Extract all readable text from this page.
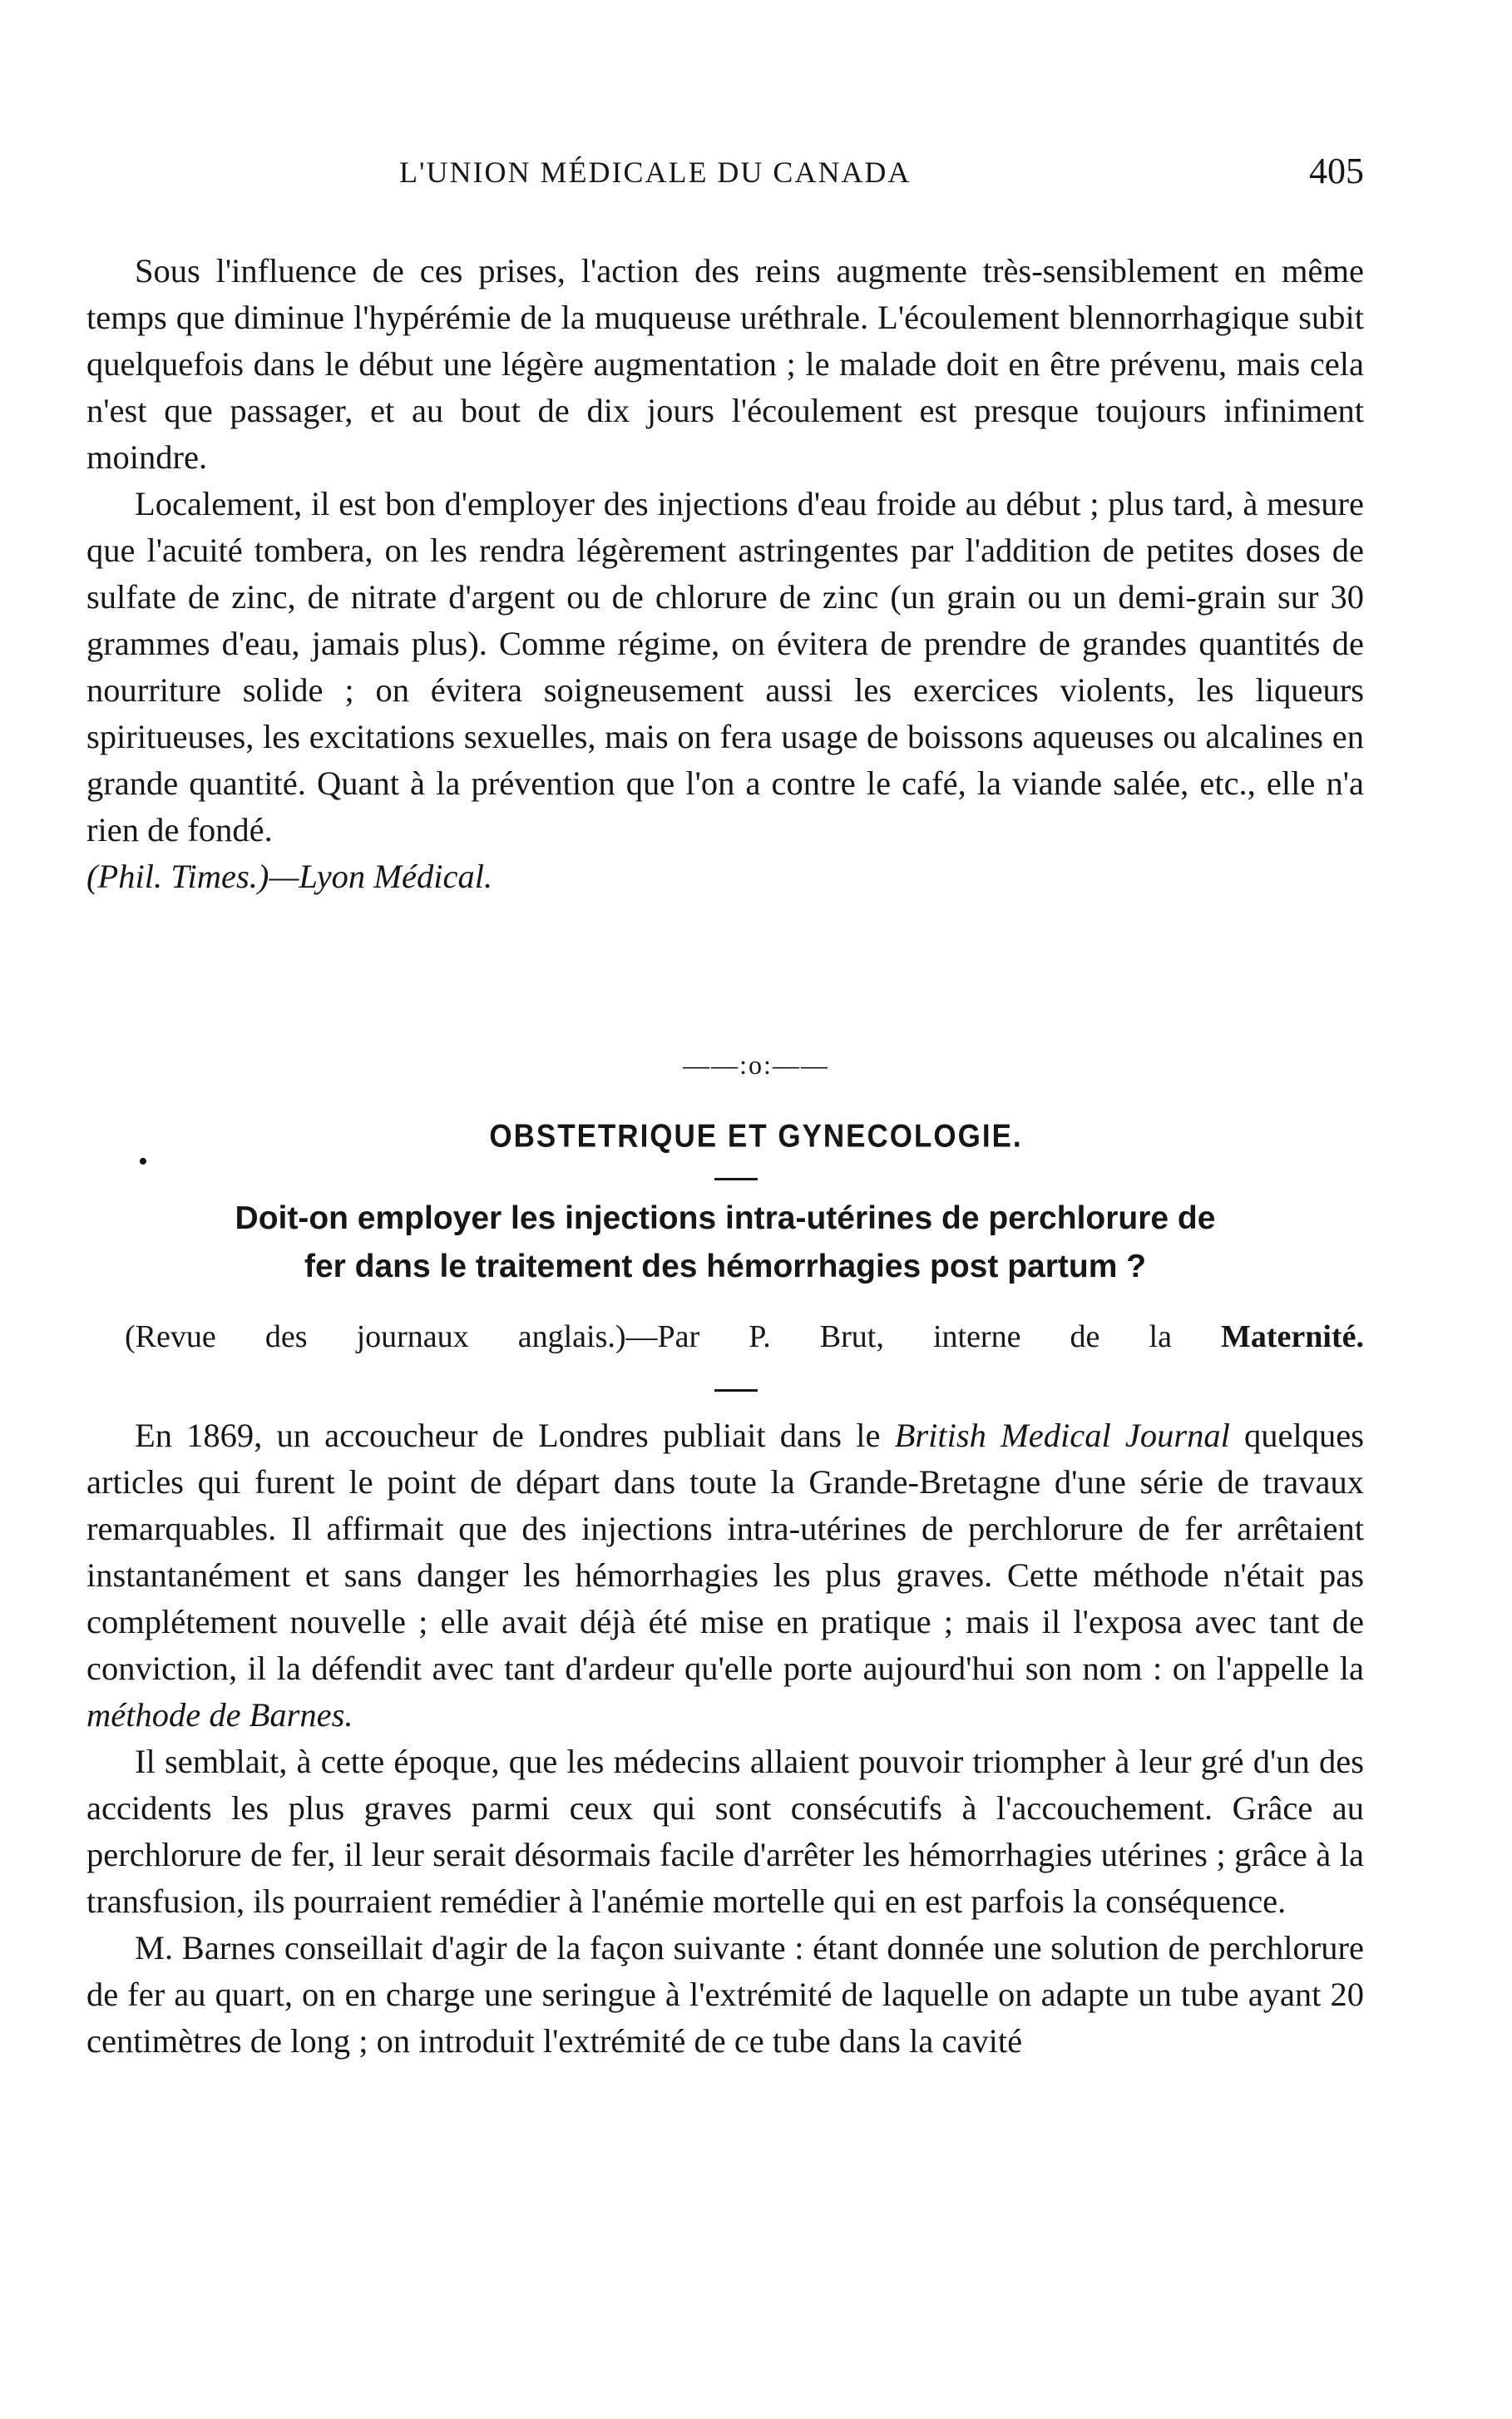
L'UNION MÉDICALE DU CANADA	405

Sous l'influence de ces prises, l'action des reins augmente très-sensiblement en même temps que diminue l'hypérémie de la muqueuse uréthrale. L'écoulement blennorrhagique subit quelquefois dans le début une légère augmentation ; le malade doit en être prévenu, mais cela n'est que passager, et au bout de dix jours l'écoulement est presque toujours infiniment moindre.

Localement, il est bon d'employer des injections d'eau froide au début ; plus tard, à mesure que l'acuité tombera, on les rendra légèrement astringentes par l'addition de petites doses de sulfate de zinc, de nitrate d'argent ou de chlorure de zinc (un grain ou un demi-grain sur 30 grammes d'eau, jamais plus). Comme régime, on évitera de prendre de grandes quantités de nourriture solide ; on évitera soigneusement aussi les exercices violents, les liqueurs spiritueuses, les excitations sexuelles, mais on fera usage de boissons aqueuses ou alcalines en grande quantité. Quant à la prévention que l'on a contre le café, la viande salée, etc., elle n'a rien de fondé.

(Phil. Times.)—Lyon Médical.

——:o:——
•
OBSTETRIQUE ET GYNECOLOGIE.
Doit-on employer les injections intra-utérines de perchlorure de
fer dans le traitement des hémorrhagies post partum ?
(Revue des journaux anglais.)—Par P. Brut, interne de la Maternité.

En 1869, un accoucheur de Londres publiait dans le British Medical Journal quelques articles qui furent le point de départ dans toute la Grande-Bretagne d'une série de travaux remarquables. Il affirmait que des injections intra-utérines de perchlorure de fer arrêtaient instantanément et sans danger les hémorrhagies les plus graves. Cette méthode n'était pas complétement nouvelle ; elle avait déjà été mise en pratique ; mais il l'exposa avec tant de conviction, il la défendit avec tant d'ardeur qu'elle porte aujourd'hui son nom : on l'appelle la méthode de Barnes.

Il semblait, à cette époque, que les médecins allaient pouvoir triompher à leur gré d'un des accidents les plus graves parmi ceux qui sont consécutifs à l'accouchement. Grâce au perchlorure de fer, il leur serait désormais facile d'arrêter les hémorrhagies utérines ; grâce à la transfusion, ils pourraient remédier à l'anémie mortelle qui en est parfois la conséquence.

M. Barnes conseillait d'agir de la façon suivante : étant donnée une solution de perchlorure de fer au quart, on en charge une seringue à l'extrémité de laquelle on adapte un tube ayant 20 centimètres de long ; on introduit l'extrémité de ce tube dans la cavité
